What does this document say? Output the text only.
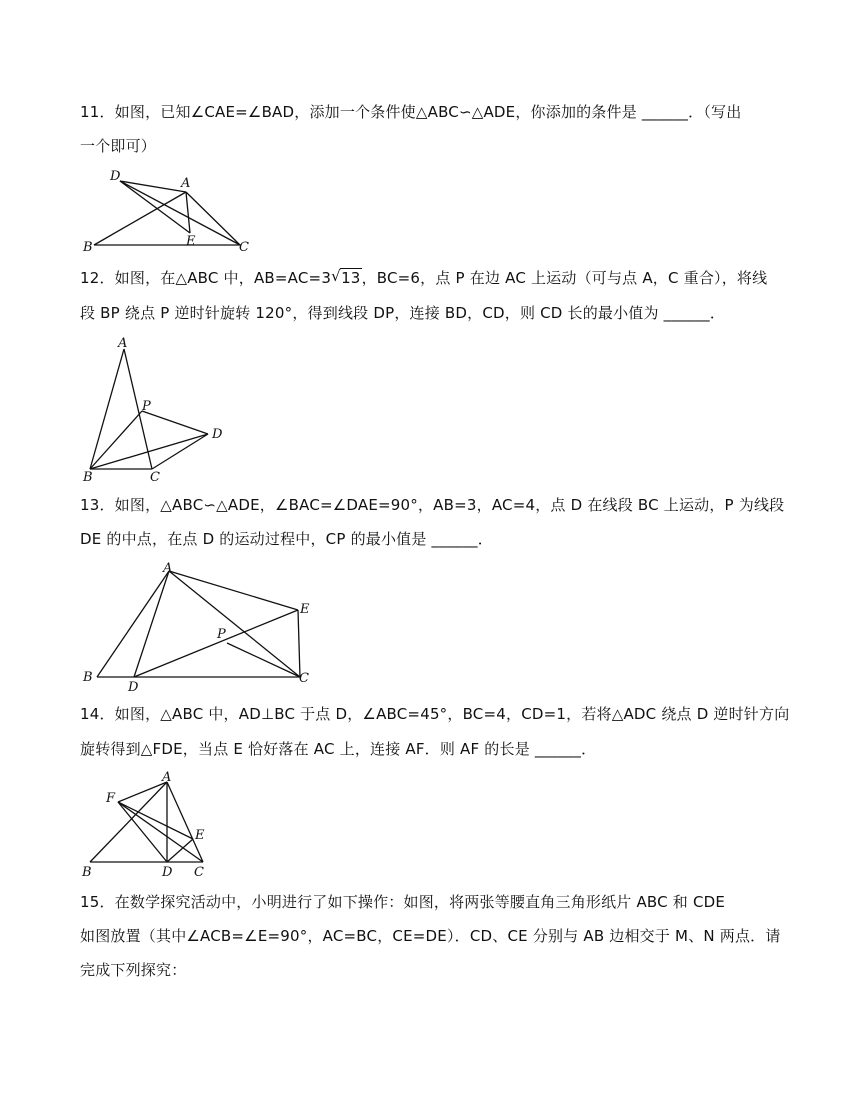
11．如图，已知∠CAE=∠BAD，添加一个条件使△ABC∽△ADE，你添加的条件是 ______．（写出
一个即可）
D	A
B	E	C
12．如图，在△ABC 中，AB=AC=3 √ 13，BC=6，点 P 在边 AC 上运动（可与点 A，C 重合），将线
段 BP 绕点 P 逆时针旋转 120°，得到线段 DP，连接 BD，CD，则 CD 长的最小值为 ______．
A
P
D
B	C
13．如图，△ABC∽△ADE，∠BAC=∠DAE=90°，AB=3，AC=4，点 D 在线段 BC 上运动，P 为线段
DE 的中点，在点 D 的运动过程中，CP 的最小值是 ______．
A
E
P
B
D
C
14．如图，△ABC 中，AD⊥BC 于点 D，∠ABC=45°，BC=4，CD=1，若将△ADC 绕点 D 逆时针方向
旋转得到△FDE，当点 E 恰好落在 AC 上，连接 AF．则 AF 的长是 ______．
A
F
E
B	D C
15．在数学探究活动中，小明进行了如下操作：如图，将两张等腰直角三角形纸片 ABC 和 CDE
如图放置（其中∠ACB=∠E=90°，AC=BC，CE=DE）．CD、CE 分别与 AB 边相交于 M、N 两点．请
完成下列探究：
